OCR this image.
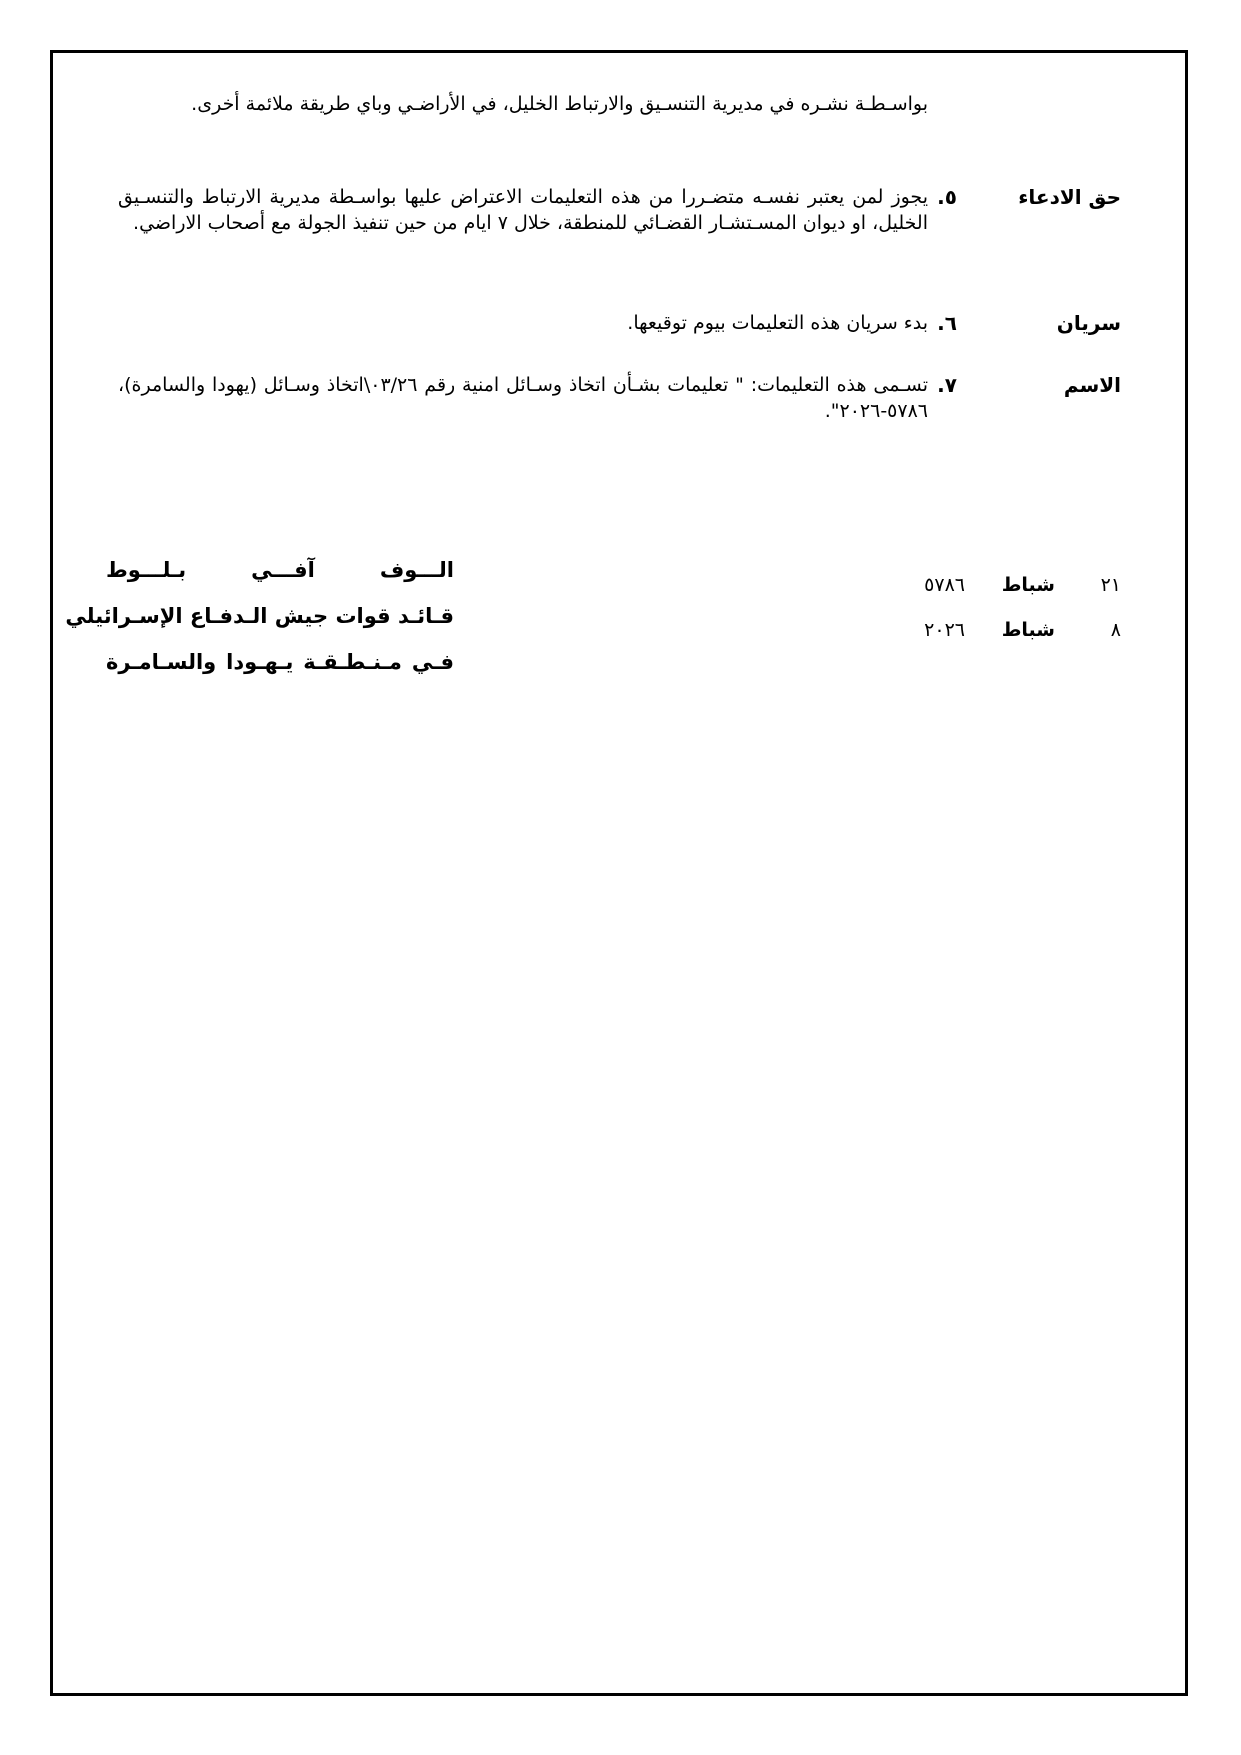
بواسـطـة نشـره في مديرية التنسـيق والارتباط الخليل، في الأراضـي وباي طريقة ملائمة أخرى.
حق الادعاء
٥.
يجوز لمن يعتبر نفسـه متضـررا من هذه التعليمات الاعتراض عليها بواسـطة مديرية الارتباط والتنسـيق الخليل، او ديوان المسـتشـار القضـائي للمنطقة، خلال ٧ ايام من حين تنفيذ الجولة مع أصحاب الاراضي.
سريان
٦.
بدء سريان هذه التعليمات بيوم توقيعها.
الاسم
٧.
تسـمى هذه التعليمات: " تعليمات بشـأن اتخاذ وسـائل امنية رقم ٠٣/٢٦\اتخاذ وسـائل (يهودا والسامرة)، ٥٧٨٦-٢٠٢٦".
الـــوف آفـــي بـلـــوط
قـائـد قوات جيش الـدفـاع الإسـرائيلي
فـي مـنـطـقـة يـهـودا والسـامـرة
٢١
شباط
٥٧٨٦
٨
شباط
٢٠٢٦
